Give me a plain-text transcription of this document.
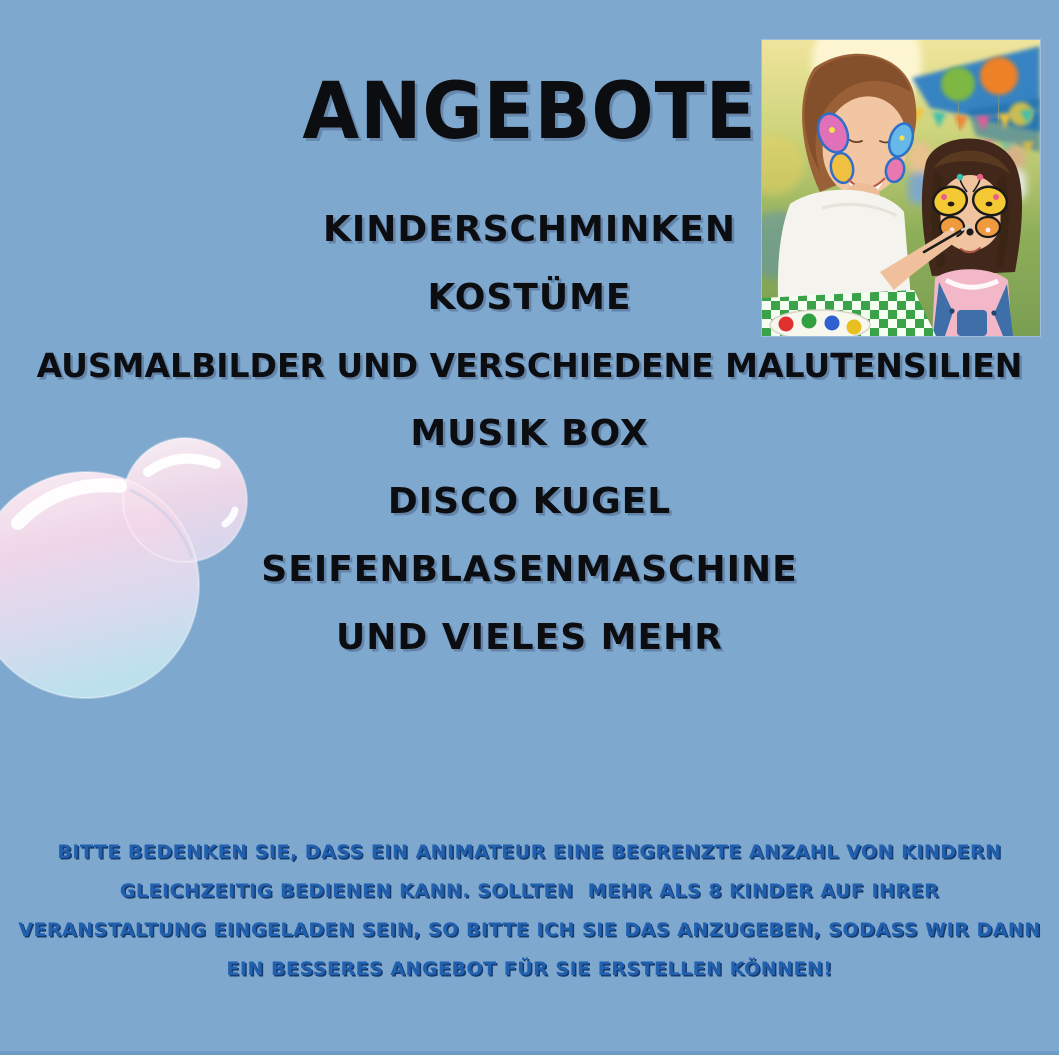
ANGEBOTE
KINDERSCHMINKEN
KOSTÜME
AUSMALBILDER UND VERSCHIEDENE MALUTENSILIEN
MUSIK BOX
DISCO KUGEL
SEIFENBLASENMASCHINE
UND VIELES MEHR
BITTE BEDENKEN SIE, DASS EIN ANIMATEUR EINE BEGRENZTE ANZAHL VON KINDERN
GLEICHZEITIG BEDIENEN KANN. SOLLTEN  MEHR ALS 8 KINDER AUF IHRER
VERANSTALTUNG EINGELADEN SEIN, SO BITTE ICH SIE DAS ANZUGEBEN, SODASS WIR DANN
EIN BESSERES ANGEBOT FÜR SIE ERSTELLEN KÖNNEN!
